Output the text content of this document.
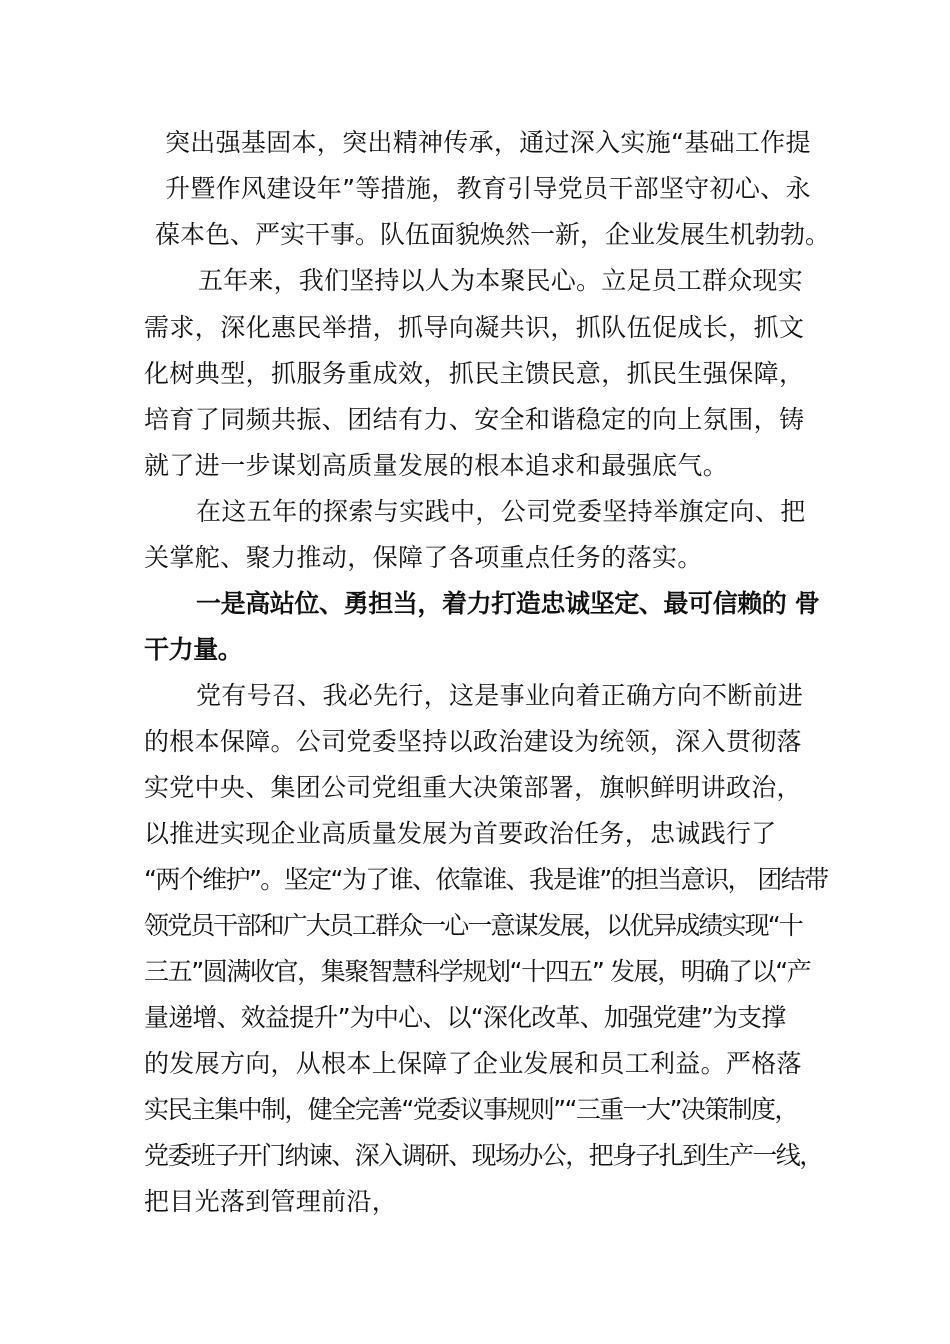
突出强基固本，突出精神传承，通过深入实施“基础工作提
升暨作风建设年”等措施，教育引导党员干部坚守初心、永
葆本色、严实干事。队伍面貌焕然一新，企业发展生机勃勃。
五年来，我们坚持以人为本聚民心。立足员工群众现实
需求，深化惠民举措，抓导向凝共识，抓队伍促成长，抓文
化树典型，抓服务重成效，抓民主馈民意，抓民生强保障，
培育了同频共振、团结有力、安全和谐稳定的向上氛围，铸
就了进一步谋划高质量发展的根本追求和最强底气。
在这五年的探索与实践中，公司党委坚持举旗定向、把
关掌舵、聚力推动，保障了各项重点任务的落实。
一是高站位、勇担当，着力打造忠诚坚定、最可信赖的 骨
干力量。
党有号召、我必先行，这是事业向着正确方向不断前进
的根本保障。公司党委坚持以政治建设为统领，深入贯彻落
实党中央、集团公司党组重大决策部署，旗帜鲜明讲政治，
以推进实现企业高质量发展为首要政治任务，忠诚践行了
“两个维护”。坚定“为了谁、依靠谁、我是谁”的担当意识， 团结带
领党员干部和广大员工群众一心一意谋发展，以优异成绩实现“十
三五”圆满收官，集聚智慧科学规划“十四五” 发展，明确了以“产
量递增、效益提升”为中心、以“深化改革、加强党建”为支撑
的发展方向，从根本上保障了企业发展和员工利益。严格落
实民主集中制，健全完善“党委议事规则”“三重一大”决策制度，
党委班子开门纳谏、深入调研、现场办公，把身子扎到生产一线，
把目光落到管理前沿，
